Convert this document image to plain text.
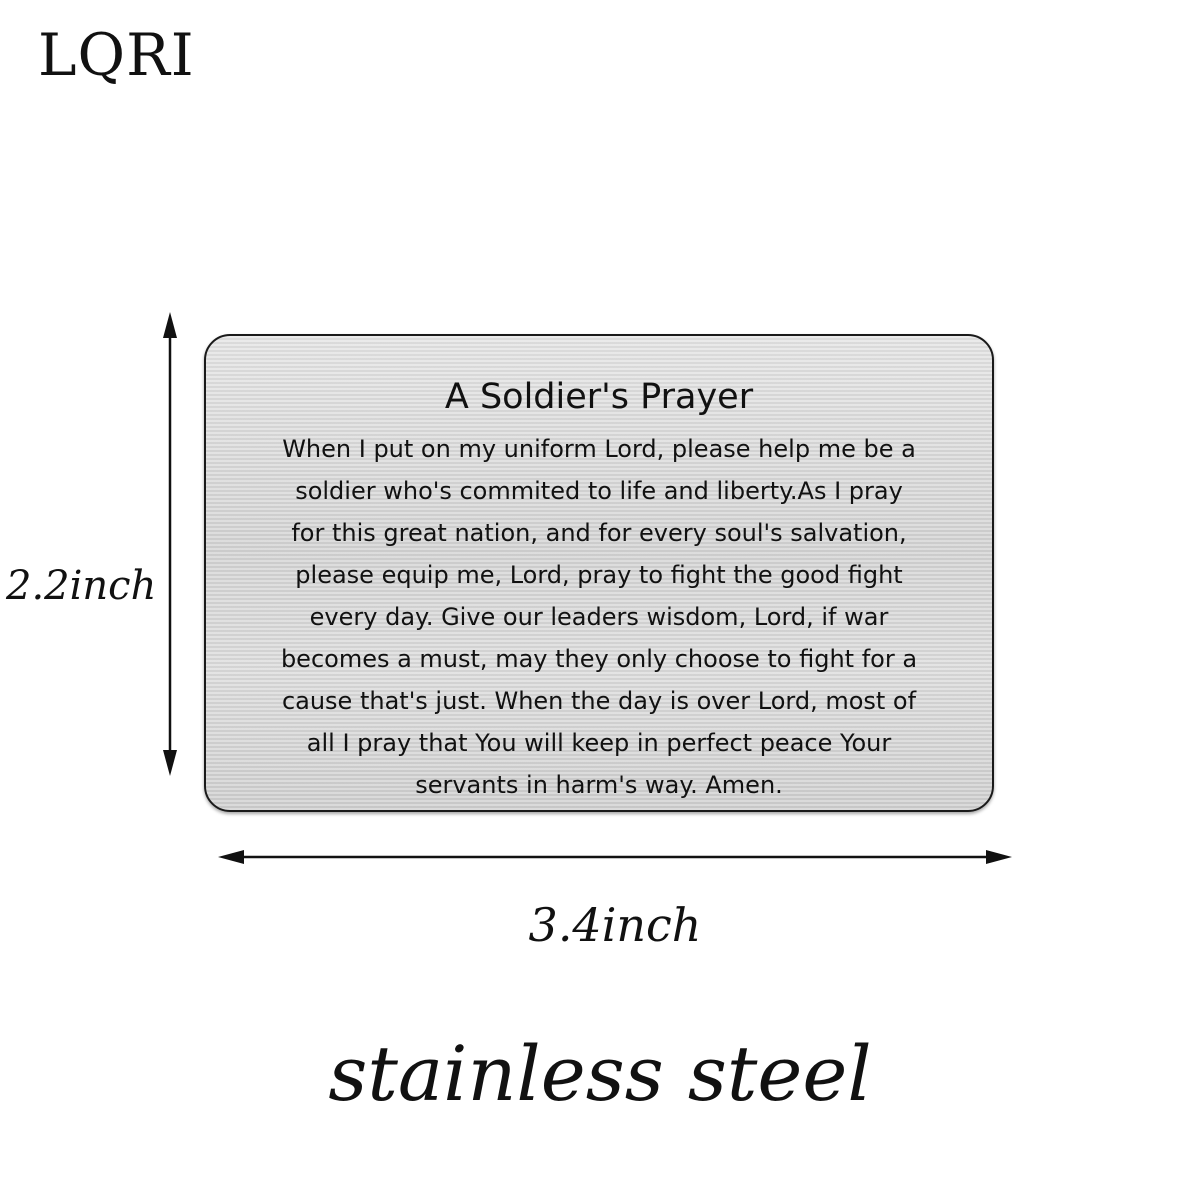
LQRI
A Soldier's Prayer
When I put on my uniform Lord, please help me be a
soldier who's commited to life and liberty.As I pray
for this great nation, and for every soul's salvation,
please equip me, Lord, pray to fight the good fight
every day. Give our leaders wisdom, Lord, if war
becomes a must, may they only choose to fight for a
cause that's just. When the day is over Lord, most of
all I pray that You will keep in perfect peace Your
servants in harm's way. Amen.
2.2inch
3.4inch
stainless steel
